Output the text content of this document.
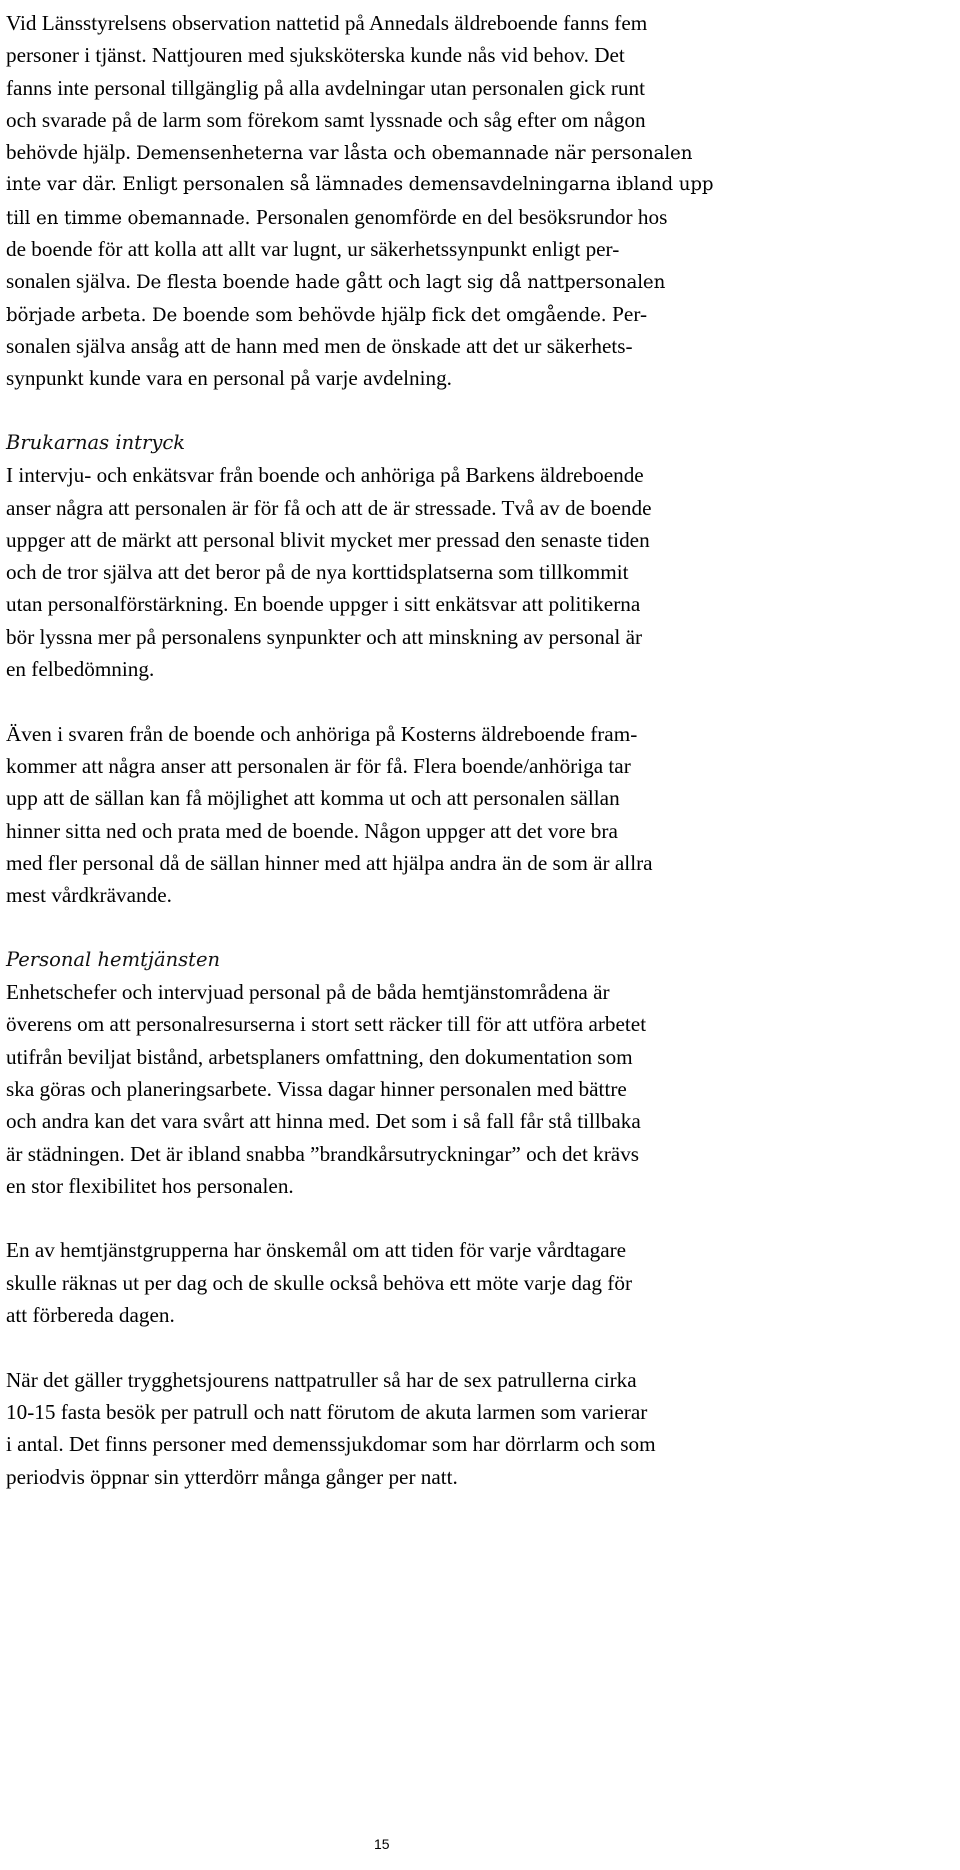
Vid Länsstyrelsens observation nattetid på Annedals äldreboende fanns fem
personer i tjänst. Nattjouren med sjuksköterska kunde nås vid behov. Det
fanns inte personal tillgänglig på alla avdelningar utan personalen gick runt
och svarade på de larm som förekom samt lyssnade och såg efter om någon
behövde hjälp. Demensenheterna var låsta och obemannade när personalen
inte var där. Enligt personalen så lämnades demensavdelningarna ibland upp
till en timme obemannade. Personalen genomförde en del besöksrundor hos
de boende för att kolla att allt var lugnt, ur säkerhetssynpunkt enligt per-
sonalen själva. De flesta boende hade gått och lagt sig då nattpersonalen
började arbeta. De boende som behövde hjälp fick det omgående. Per-
sonalen själva ansåg att de hann med men de önskade att det ur säkerhets-
synpunkt kunde vara en personal på varje avdelning.
Brukarnas intryck
I intervju- och enkätsvar från boende och anhöriga på Barkens äldreboende
anser några att personalen är för få och att de är stressade. Två av de boende
uppger att de märkt att personal blivit mycket mer pressad den senaste tiden
och de tror själva att det beror på de nya korttidsplatserna som tillkommit
utan personalförstärkning. En boende uppger i sitt enkätsvar att politikerna
bör lyssna mer på personalens synpunkter och att minskning av personal är
en felbedömning.
Även i svaren från de boende och anhöriga på Kosterns äldreboende fram-
kommer att några anser att personalen är för få. Flera boende/anhöriga tar
upp att de sällan kan få möjlighet att komma ut och att personalen sällan
hinner sitta ned och prata med de boende. Någon uppger att det vore bra
med fler personal då de sällan hinner med att hjälpa andra än de som är allra
mest vårdkrävande.
Personal hemtjänsten
Enhetschefer och intervjuad personal på de båda hemtjänstområdena är
överens om att personalresurserna i stort sett räcker till för att utföra arbetet
utifrån beviljat bistånd, arbetsplaners omfattning, den dokumentation som
ska göras och planeringsarbete. Vissa dagar hinner personalen med bättre
och andra kan det vara svårt att hinna med. Det som i så fall får stå tillbaka
är städningen. Det är ibland snabba ”brandkårsutryckningar” och det krävs
en stor flexibilitet hos personalen.
En av hemtjänstgrupperna har önskemål om att tiden för varje vårdtagare
skulle räknas ut per dag och de skulle också behöva ett möte varje dag för
att förbereda dagen.
När det gäller trygghetsjourens nattpatruller så har de sex patrullerna cirka
10-15 fasta besök per patrull och natt förutom de akuta larmen som varierar
i antal. Det finns personer med demenssjukdomar som har dörrlarm och som
periodvis öppnar sin ytterdörr många gånger per natt.
15
